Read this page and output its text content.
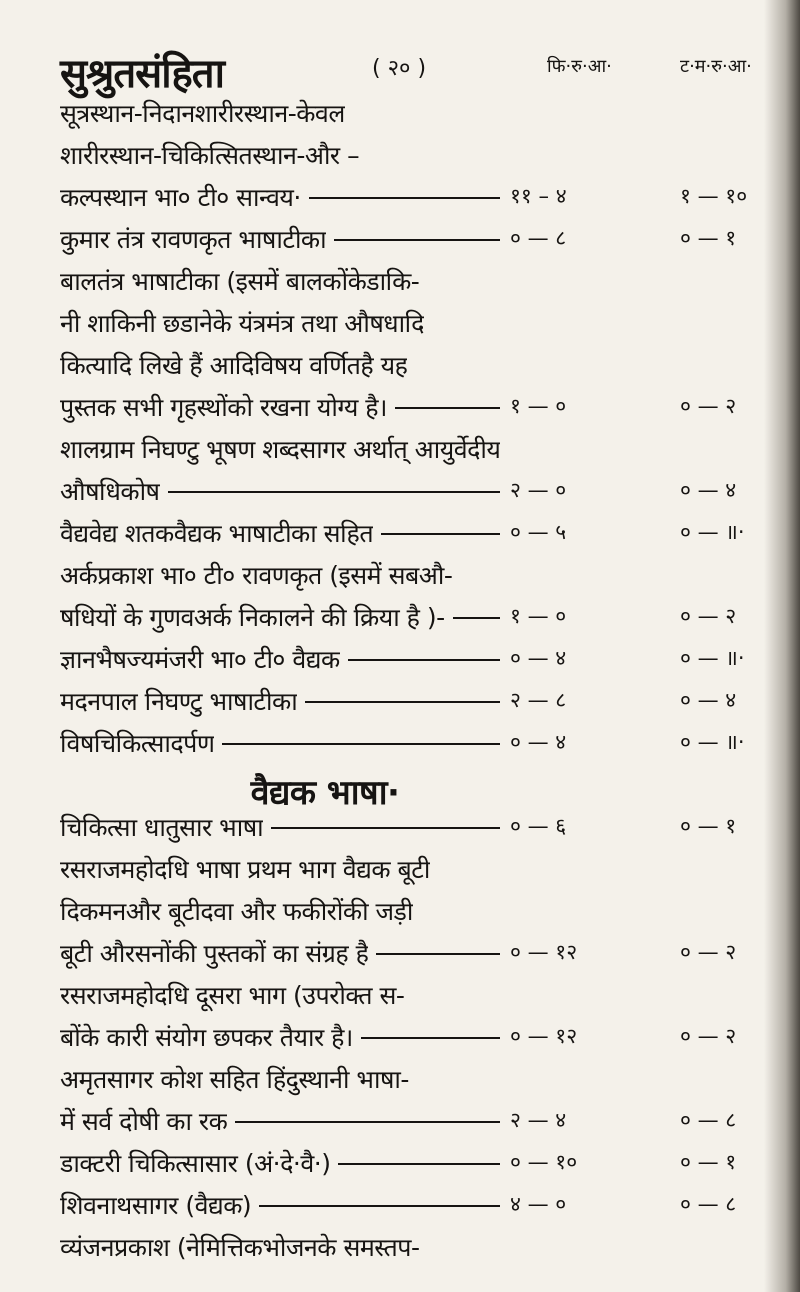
सुश्रुतसंहिता	( २० )	फि·रु·आ·	ट·म·रु·आ·
सूत्रस्थान-निदानशारीरस्थान-केवल
शारीरस्थान-चिकित्सितस्थान-और –
कल्पस्थान भा० टी० सान्वय·	११ – ४	१ — १०
कुमार तंत्र रावणकृत भाषाटीका	० — ८	० — १
बालतंत्र भाषाटीका (इसमें बालकोंकेडाकि-
नी शाकिनी छडानेके यंत्रमंत्र तथा औषधादि
कित्यादि लिखे हैं आदिविषय वर्णितहै यह
पुस्तक सभी गृहस्थोंको रखना योग्य है।	१ — ०	० — २
शालग्राम निघण्टु भूषण शब्दसागर अर्थात् आयुर्वेदीय
औषधिकोष	२ — ०	० — ४
वैद्यवेद्य शतकवैद्यक भाषाटीका सहित	० — ५	० — ॥·
अर्कप्रकाश भा० टी० रावणकृत (इसमें सबऔ-
षधियों के गुणवअर्क निकालने की क्रिया है )-	१ — ०	० — २
ज्ञानभैषज्यमंजरी भा० टी० वैद्यक	० — ४	० — ॥·
मदनपाल निघण्टु भाषाटीका	२ — ८	० — ४
विषचिकित्सादर्पण	० — ४	० — ॥·
वैद्यक भाषा·
चिकित्सा धातुसार भाषा	० — ६	० — १
रसराजमहोदधि भाषा प्रथम भाग वैद्यक बूटी
दिकमनऔर बूटीदवा और फकीरोंकी जड़ी
बूटी औरसनोंकी पुस्तकों का संग्रह है	० — १२	० — २
रसराजमहोदधि दूसरा भाग (उपरोक्त स-
बोंके कारी संयोग छपकर तैयार है।	० — १२	० — २
अमृतसागर कोश सहित हिंदुस्थानी भाषा-
में सर्व दोषी का रक	२ — ४	० — ८
डाक्टरी चिकित्सासार (अं·दे·वै·)	० — १०	० — १
शिवनाथसागर (वैद्यक)	४ — ०	० — ८
व्यंजनप्रकाश (नेमित्तिकभोजनके समस्तप-
